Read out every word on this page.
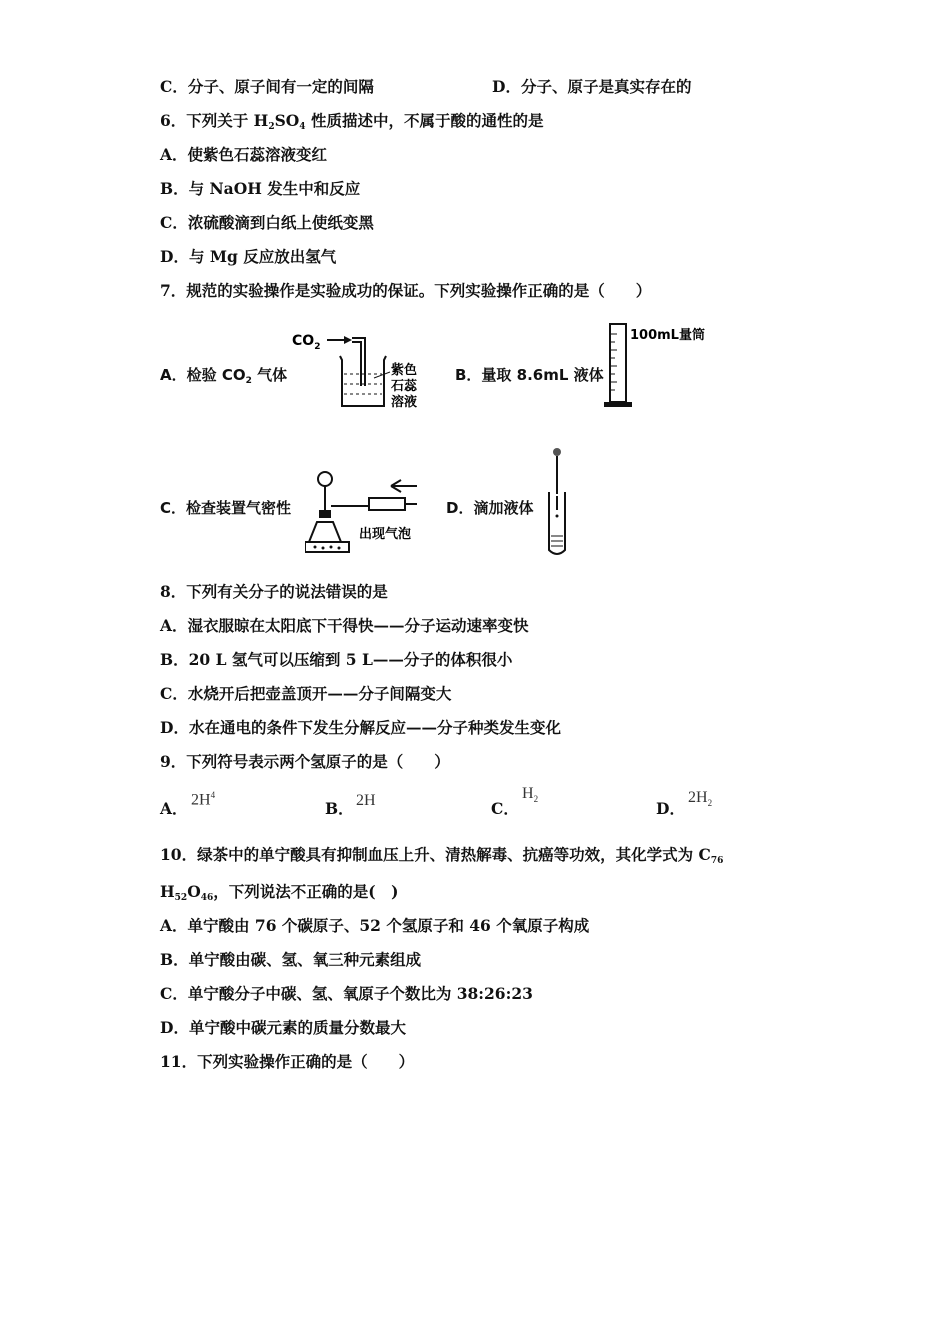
C．分子、原子间有一定的间隔	D．分子、原子是真实存在的
6．下列关于 $H_2SO_4$ 性质描述中，不属于酸的通性的是
A．使紫色石蕊溶液变红
B．与 NaOH 发生中和反应
C．浓硫酸滴到白纸上使纸变黑
D．与 Mg 反应放出氢气
7．规范的实验操作是实验成功的保证。下列实验操作正确的是（　　）
A．检验 $CO_2$ 气体
$CO_2$
紫色
石蕊
溶液
B．量取 8.6mL 液体
100mL量筒
C．检查装置气密性
出现气泡
D．滴加液体
8．下列有关分子的说法错误的是
A．湿衣服晾在太阳底下干得快——分子运动速率变快
B．20 L 氢气可以压缩到 5 L——分子的体积很小
C．水烧开后把壶盖顶开——分子间隔变大
D．水在通电的条件下发生分解反应——分子种类发生变化
9．下列符号表示两个氢原子的是（　　）
A． $2H^4$
B． 2H	C．
$H_2$	D．
$2H_2$
10．绿茶中的单宁酸具有抑制血压上升、清热解毒、抗癌等功效，其化学式为 $C_{76}$
$H_{52}O_{46}$，下列说法不正确的是(　)
A．单宁酸由 76 个碳原子、52 个氢原子和 46 个氧原子构成
B．单宁酸由碳、氢、氧三种元素组成
C．单宁酸分子中碳、氢、氧原子个数比为 38:26:23
D．单宁酸中碳元素的质量分数最大
11．下列实验操作正确的是（　　）
